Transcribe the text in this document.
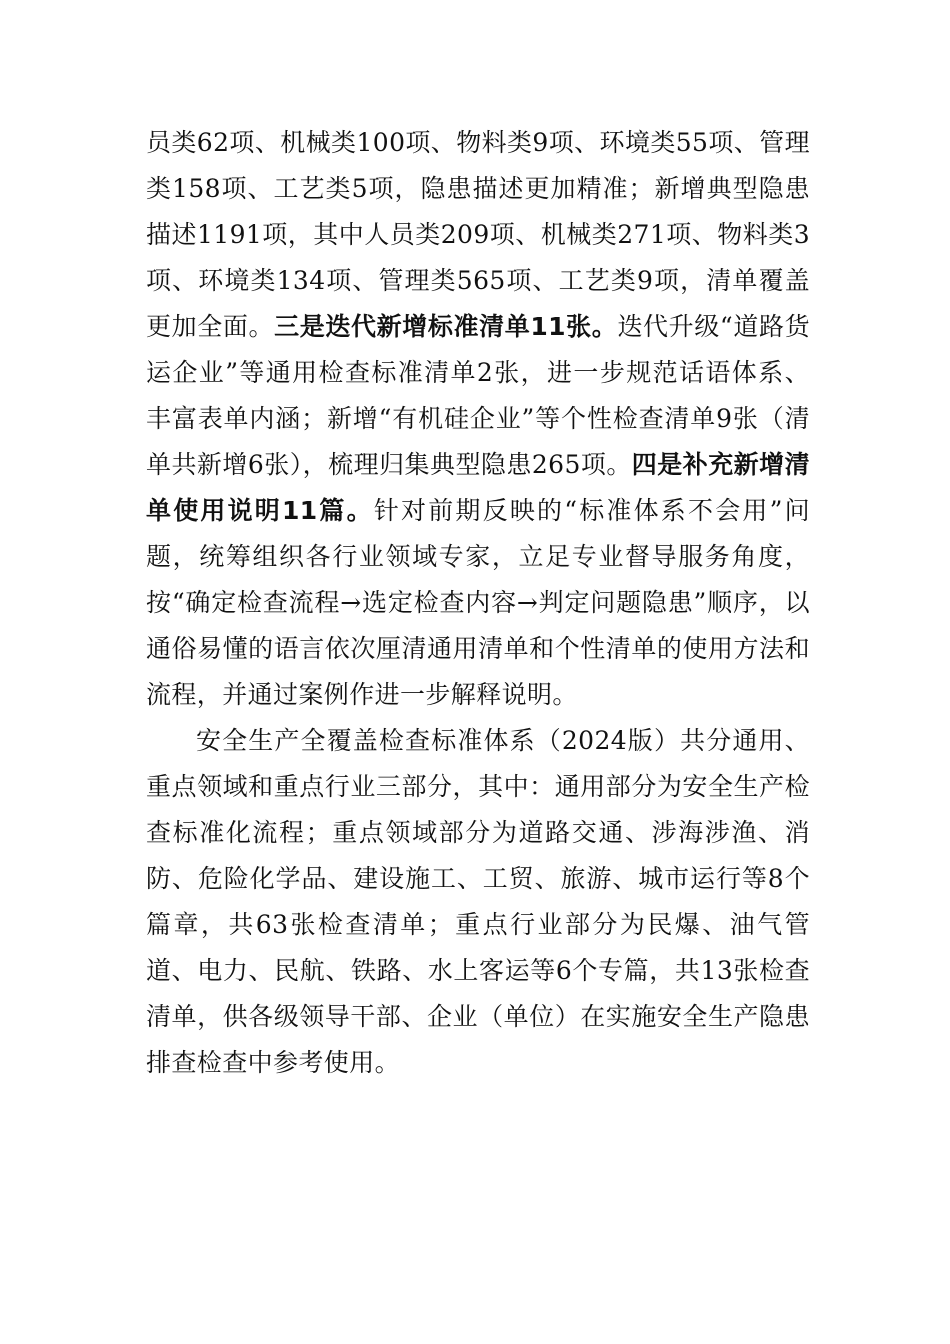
员类62项、机械类100项、物料类9项、环境类55项、管理类158项、工艺类5项，隐患描述更加精准；新增典型隐患描述1191项，其中人员类209项、机械类271项、物料类3项、环境类134项、管理类565项、工艺类9项，清单覆盖更加全面。三是迭代新增标准清单11张。迭代升级“道路货运企业”等通用检查标准清单2张，进一步规范话语体系、丰富表单内涵；新增“有机硅企业”等个性检查清单9张（清单共新增6张），梳理归集典型隐患265项。四是补充新增清单使用说明11篇。针对前期反映的“标准体系不会用”问题，统筹组织各行业领域专家，立足专业督导服务角度，按“确定检查流程→选定检查内容→判定问题隐患”顺序，以通俗易懂的语言依次厘清通用清单和个性清单的使用方法和流程，并通过案例作进一步解释说明。

安全生产全覆盖检查标准体系（2024版）共分通用、重点领域和重点行业三部分，其中：通用部分为安全生产检查标准化流程；重点领域部分为道路交通、涉海涉渔、消防、危险化学品、建设施工、工贸、旅游、城市运行等8个篇章，共63张检查清单；重点行业部分为民爆、油气管道、电力、民航、铁路、水上客运等6个专篇，共13张检查清单，供各级领导干部、企业（单位）在实施安全生产隐患排查检查中参考使用。
